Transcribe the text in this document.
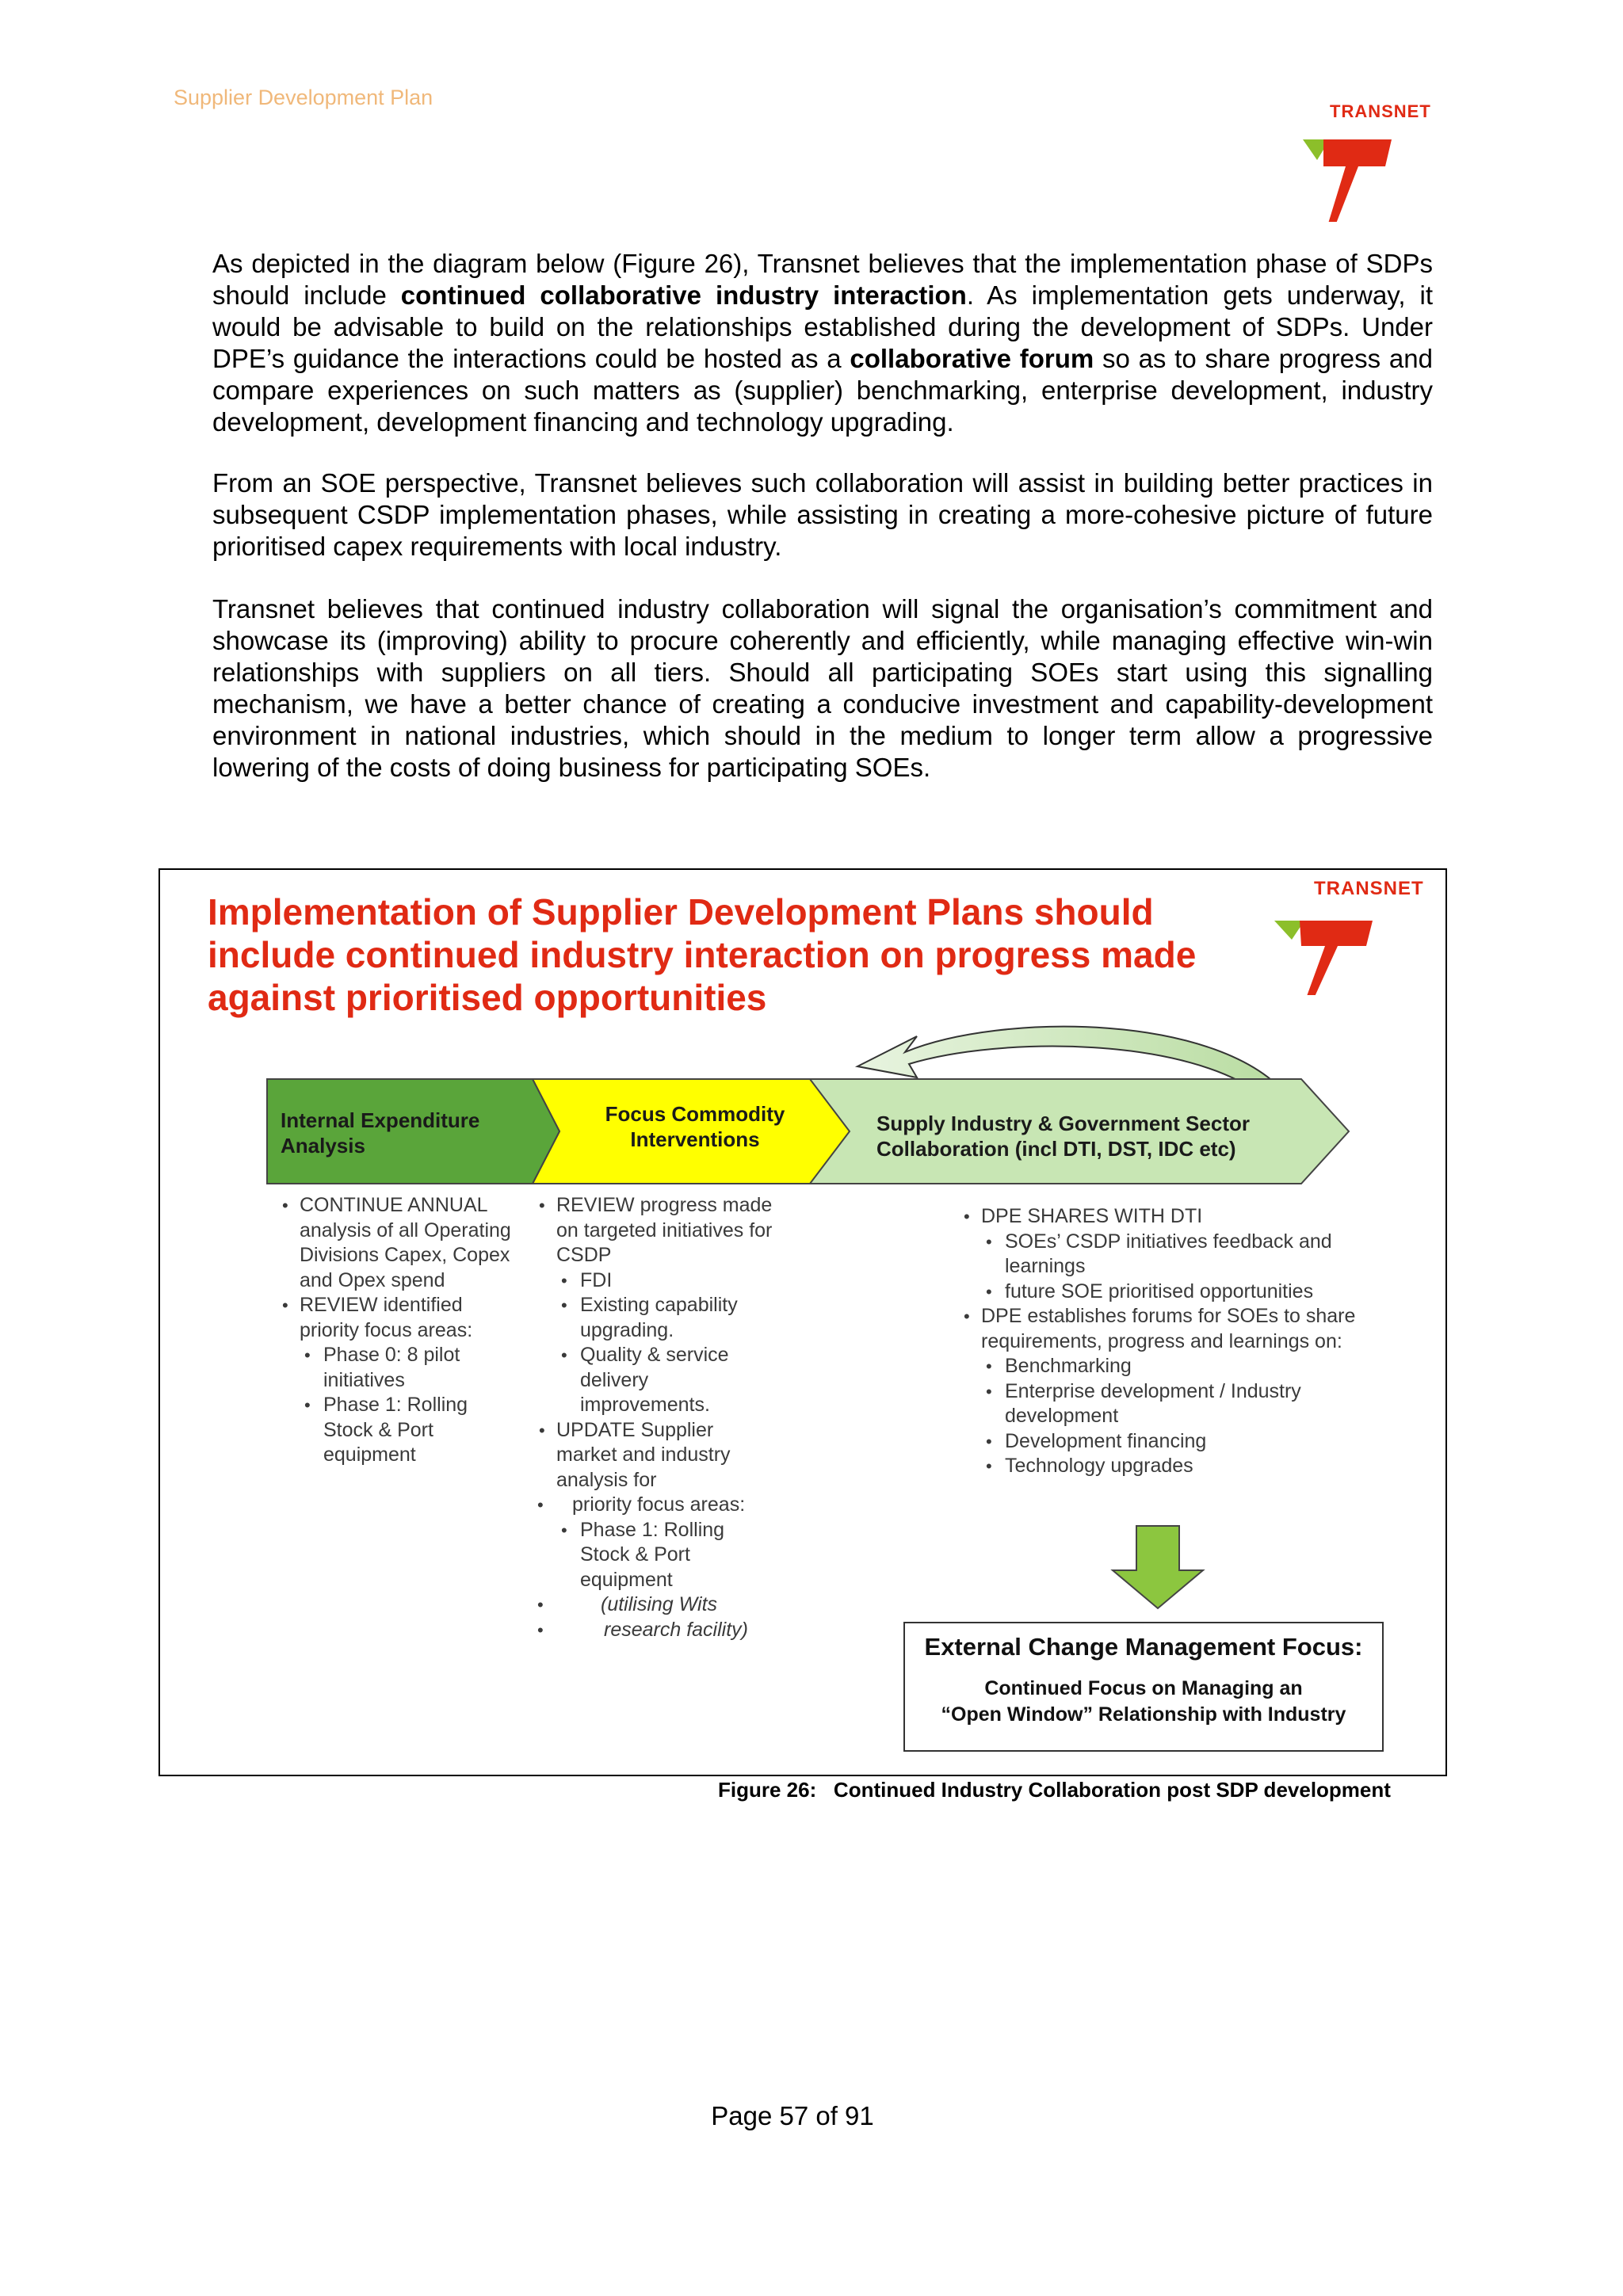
Supplier Development Plan
TRANSNET
As depicted in the diagram below (Figure 26), Transnet believes that the implementation phase of SDPs should include continued collaborative industry interaction. As implementation gets underway, it would be advisable to build on the relationships established during the development of SDPs. Under DPE’s guidance the interactions could be hosted as a collaborative forum so as to share progress and compare experiences on such matters as (supplier) benchmarking, enterprise development, industry development, development financing and technology upgrading.
From an SOE perspective, Transnet believes such collaboration will assist in building better practices in subsequent CSDP implementation phases, while assisting in creating a more-cohesive picture of future prioritised capex requirements with local industry.
Transnet believes that continued industry collaboration will signal the organisation’s commitment and showcase its (improving) ability to procure coherently and efficiently, while managing effective win-win relationships with suppliers on all tiers. Should all participating SOEs start using this signalling mechanism, we have a better chance of creating a conducive investment and capability-development environment in national industries, which should in the medium to longer term allow a progressive lowering of the costs of doing business for participating SOEs.
Implementation of Supplier Development Plans should include continued industry interaction on progress made against prioritised opportunities
TRANSNET
Internal Expenditure Analysis
Focus Commodity Interventions
Supply Industry & Government Sector Collaboration (incl DTI, DST, IDC etc)
• CONTINUE ANNUAL analysis of all Operating Divisions Capex, Copex and Opex spend
• REVIEW identified priority focus areas:
• Phase 0: 8 pilot initiatives
• Phase 1: Rolling Stock & Port equipment
• REVIEW progress made on targeted initiatives for CSDP
• FDI
• Existing capability upgrading.
• Quality & service delivery improvements.
• UPDATE Supplier market and industry analysis for
• priority focus areas:
• Phase 1: Rolling Stock & Port equipment
• (utilising Wits
• research facility)
• DPE SHARES WITH DTI
• SOEs’ CSDP initiatives feedback and learnings
• future SOE prioritised opportunities
• DPE establishes forums for SOEs to share requirements, progress and learnings on:
• Benchmarking
• Enterprise development / Industry development
• Development financing
• Technology upgrades
External Change Management Focus:
Continued Focus on Managing an
“Open Window” Relationship with Industry
Figure 26:   Continued Industry Collaboration post SDP development
Page 57 of 91
